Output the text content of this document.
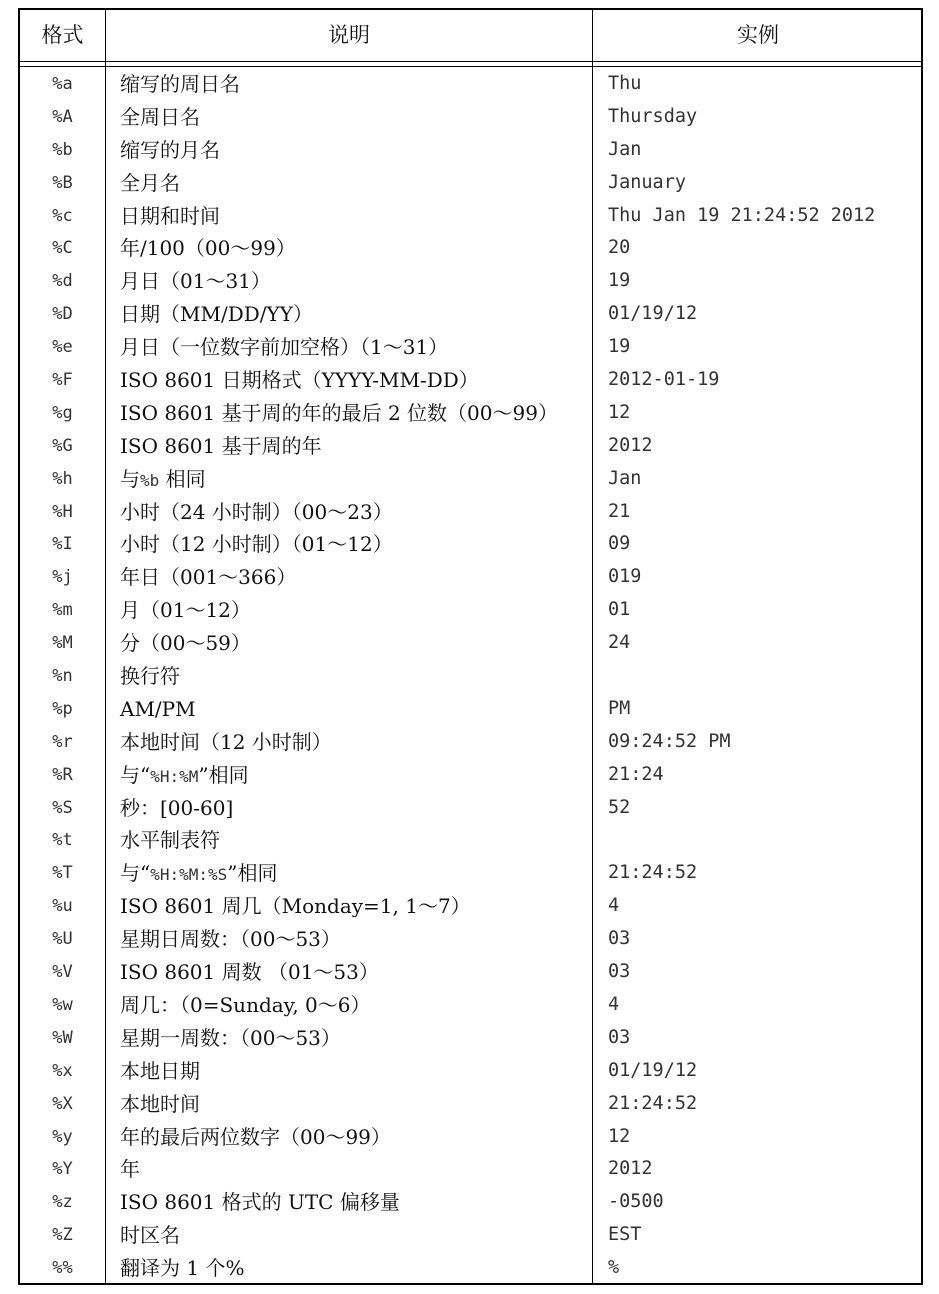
格式	说明	实例
%a	缩写的周日名	Thu
%A	全周日名	Thursday
%b	缩写的月名	Jan
%B	全月名	January
%c	日期和时间	Thu Jan 19 21:24:52 2012
%C	年/100（00～99）	20
%d	月日（01～31）	19
%D	日期（MM/DD/YY）	01/19/12
%e	月日（一位数字前加空格）（1～31）	19
%F	ISO 8601 日期格式（YYYY-MM-DD）	2012-01-19
%g	ISO 8601 基于周的年的最后 2 位数（00～99）	12
%G	ISO 8601 基于周的年	2012
%h	与%b 相同	Jan
%H	小时（24 小时制）（00～23）	21
%I	小时（12 小时制）（01～12）	09
%j	年日（001～366）	019
%m	月（01～12）	01
%M	分（00～59）	24
%n	换行符
%p	AM/PM	PM
%r	本地时间（12 小时制）	09:24:52 PM
%R	与“%H:%M”相同	21:24
%S	秒：[00-60]	52
%t	水平制表符
%T	与“%H:%M:%S”相同	21:24:52
%u	ISO 8601 周几（Monday=1, 1～7）	4
%U	星期日周数：（00～53）	03
%V	ISO 8601 周数 （01～53）	03
%w	周几：（0=Sunday, 0～6）	4
%W	星期一周数：（00～53）	03
%x	本地日期	01/19/12
%X	本地时间	21:24:52
%y	年的最后两位数字（00～99）	12
%Y	年	2012
%z	ISO 8601 格式的 UTC 偏移量	-0500
%Z	时区名	EST
%%	翻译为 1 个%	%
